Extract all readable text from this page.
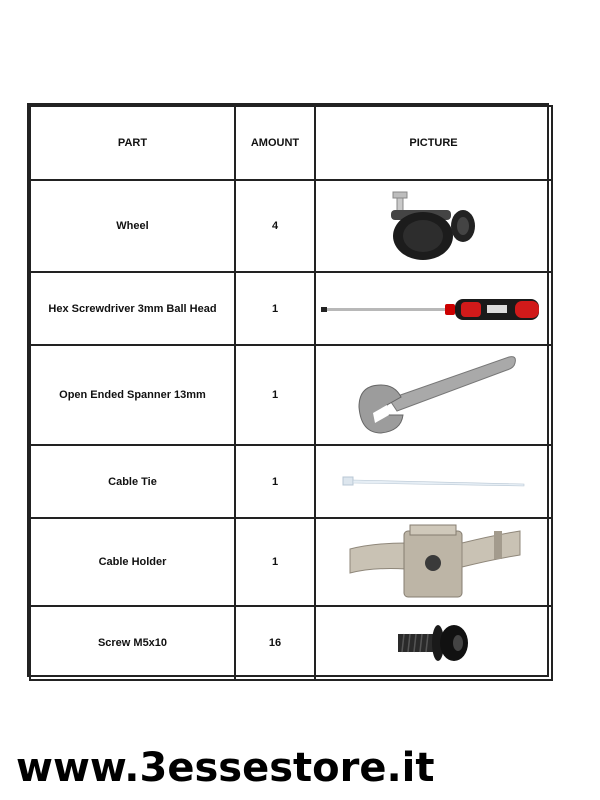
PART	AMOUNT	PICTURE
Wheel	4	

Hex Screwdriver 3mm Ball Head	1	

Open Ended Spanner 13mm	1	

Cable Tie	1	

Cable Holder	1	

Screw M5x10	16	
www.3essestore.it
